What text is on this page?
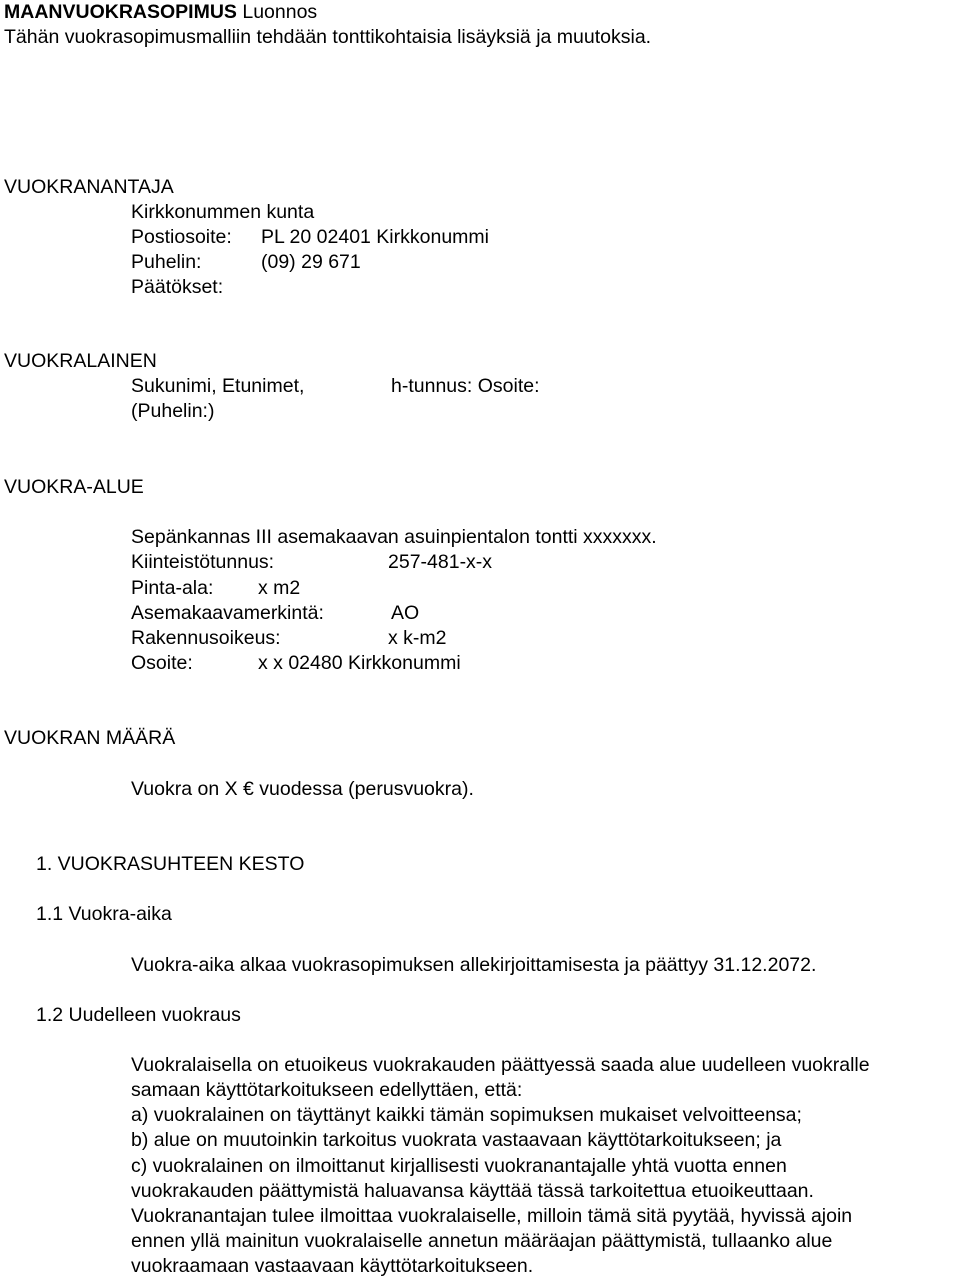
MAANVUOKRASOPIMUS Luonnos
Tähän vuokrasopimusmalliin tehdään tonttikohtaisia lisäyksiä ja muutoksia.
VUOKRANANTAJA
Kirkkonummen kunta
Postiosoite: PL 20 02401 Kirkkonummi
Puhelin:	(09) 29 671
Päätökset:
VUOKRALAINEN
Sukunimi, Etunimet,	h-tunnus: Osoite:
(Puhelin:)
VUOKRA-ALUE
Sepänkannas III asemakaavan asuinpientalon tontti xxxxxxx.
Kiinteistötunnus:	257-481-x-x
Pinta-ala: x m2
Asemakaavamerkintä:	AO
Rakennusoikeus:	x k-m2
Osoite:	x x 02480 Kirkkonummi
VUOKRAN MÄÄRÄ
Vuokra on X € vuodessa (perusvuokra).
1. VUOKRASUHTEEN KESTO
1.1 Vuokra-aika
Vuokra-aika alkaa vuokrasopimuksen allekirjoittamisesta ja päättyy 31.12.2072.
1.2 Uudelleen vuokraus
Vuokralaisella on etuoikeus vuokrakauden päättyessä saada alue uudelleen vuokralle
samaan käyttötarkoitukseen edellyttäen, että:
a) vuokralainen on täyttänyt kaikki tämän sopimuksen mukaiset velvoitteensa;
b) alue on muutoinkin tarkoitus vuokrata vastaavaan käyttötarkoitukseen; ja
c) vuokralainen on ilmoittanut kirjallisesti vuokranantajalle yhtä vuotta ennen
vuokrakauden päättymistä haluavansa käyttää tässä tarkoitettua etuoikeuttaan.
Vuokranantajan tulee ilmoittaa vuokralaiselle, milloin tämä sitä pyytää, hyvissä ajoin
ennen yllä mainitun vuokralaiselle annetun määräajan päättymistä, tullaanko alue
vuokraamaan vastaavaan käyttötarkoitukseen.
